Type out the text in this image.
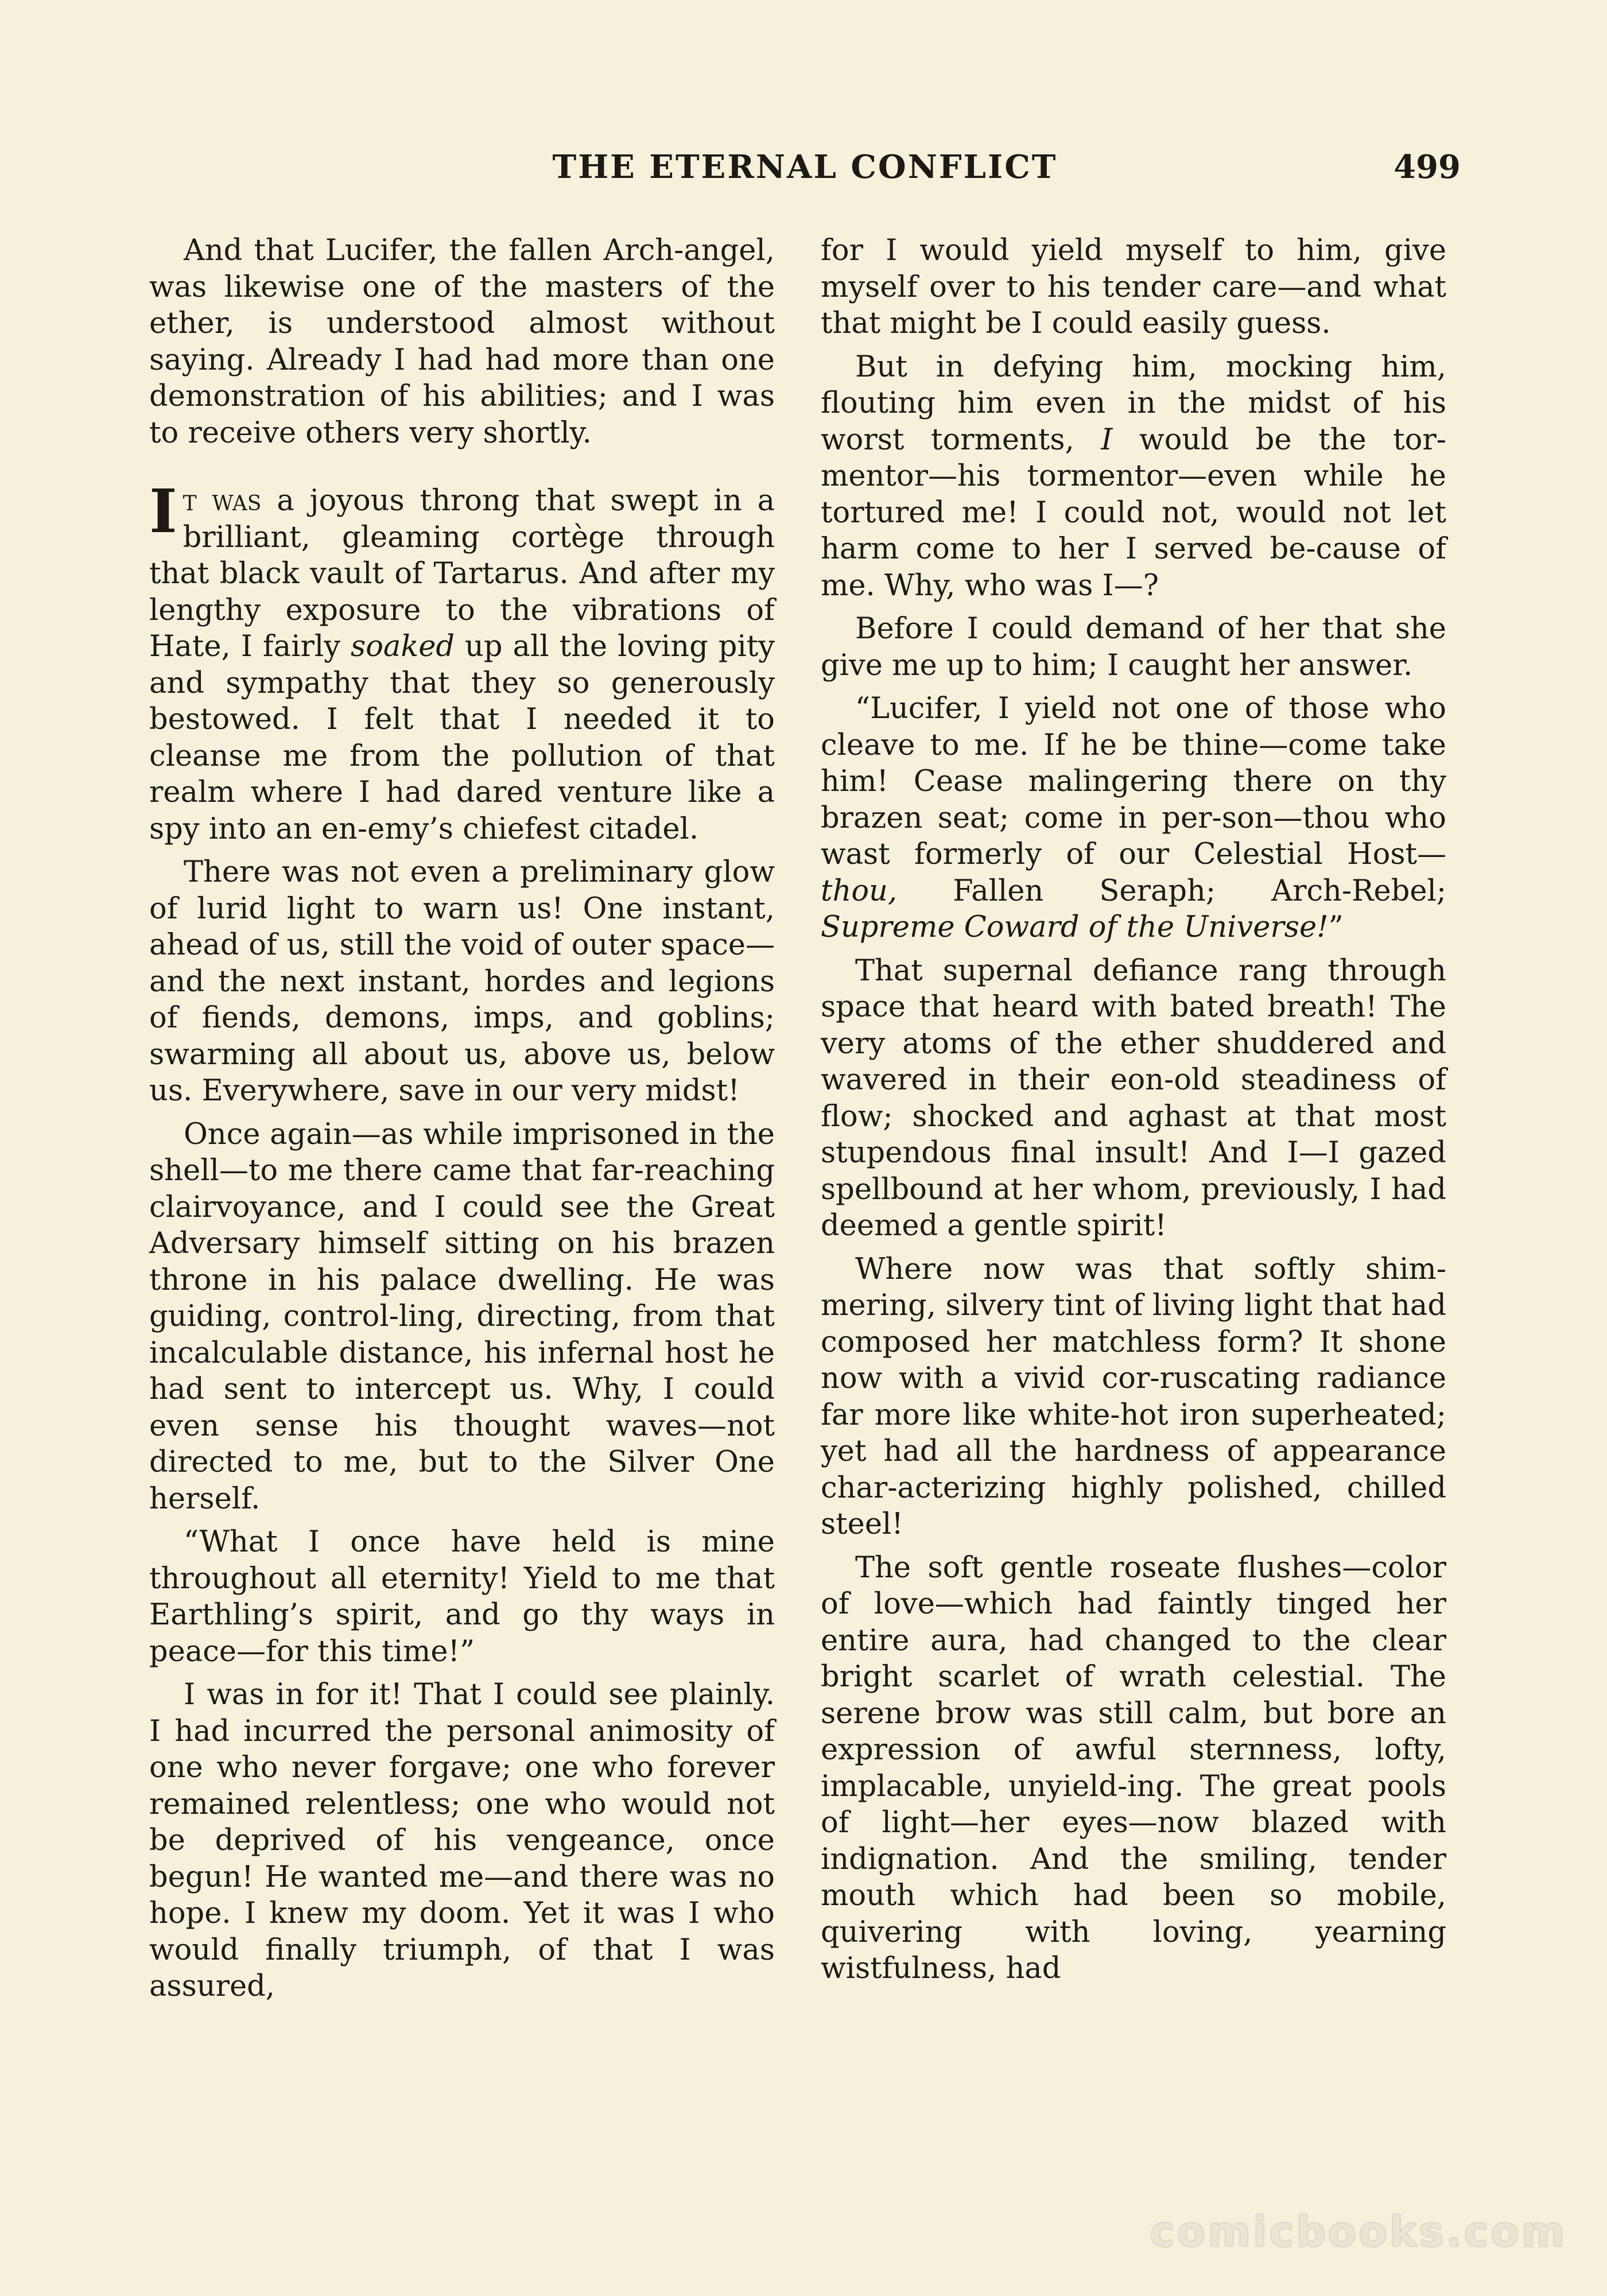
THE ETERNAL CONFLICT	499

And that Lucifer, the fallen Arch-angel, was likewise one of the masters of the ether, is understood almost without saying. Already I had had more than one demonstration of his abilities; and I was to receive others very shortly.

It was a joyous throng that swept in a brilliant, gleaming cortège through that black vault of Tartarus. And after my lengthy exposure to the vibrations of Hate, I fairly soaked up all the loving pity and sympathy that they so generously bestowed. I felt that I needed it to cleanse me from the pollution of that realm where I had dared venture like a spy into an en-emy’s chiefest citadel.

There was not even a preliminary glow of lurid light to warn us! One instant, ahead of us, still the void of outer space—and the next instant, hordes and legions of fiends, demons, imps, and goblins; swarming all about us, above us, below us. Everywhere, save in our very midst!

Once again—as while imprisoned in the shell—to me there came that far-reaching clairvoyance, and I could see the Great Adversary himself sitting on his brazen throne in his palace dwelling. He was guiding, control-ling, directing, from that incalculable distance, his infernal host he had sent to intercept us. Why, I could even sense his thought waves—not directed to me, but to the Silver One herself.

“What I once have held is mine throughout all eternity! Yield to me that Earthling’s spirit, and go thy ways in peace—for this time!”

I was in for it! That I could see plainly. I had incurred the personal animosity of one who never forgave; one who forever remained relentless; one who would not be deprived of his vengeance, once begun! He wanted me—and there was no hope. I knew my doom. Yet it was I who would finally triumph, of that I was assured,

for I would yield myself to him, give myself over to his tender care—and what that might be I could easily guess.

But in defying him, mocking him, flouting him even in the midst of his worst torments, I would be the tor-mentor—his tormentor—even while he tortured me! I could not, would not let harm come to her I served be-cause of me. Why, who was I—?

Before I could demand of her that she give me up to him; I caught her answer.

“Lucifer, I yield not one of those who cleave to me. If he be thine—come take him! Cease malingering there on thy brazen seat; come in per-son—thou who wast formerly of our Celestial Host—thou, Fallen Seraph; Arch-Rebel; Supreme Coward of the Universe!”

That supernal defiance rang through space that heard with bated breath! The very atoms of the ether shuddered and wavered in their eon-old steadiness of flow; shocked and aghast at that most stupendous final insult! And I—I gazed spellbound at her whom, previously, I had deemed a gentle spirit!

Where now was that softly shim-mering, silvery tint of living light that had composed her matchless form? It shone now with a vivid cor-ruscating radiance far more like white-hot iron superheated; yet had all the hardness of appearance char-acterizing highly polished, chilled steel!

The soft gentle roseate flushes—color of love—which had faintly tinged her entire aura, had changed to the clear bright scarlet of wrath celestial. The serene brow was still calm, but bore an expression of awful sternness, lofty, implacable, unyield-ing. The great pools of light—her eyes—now blazed with indignation. And the smiling, tender mouth which had been so mobile, quivering with loving, yearning wistfulness, had

comicbooks.com
